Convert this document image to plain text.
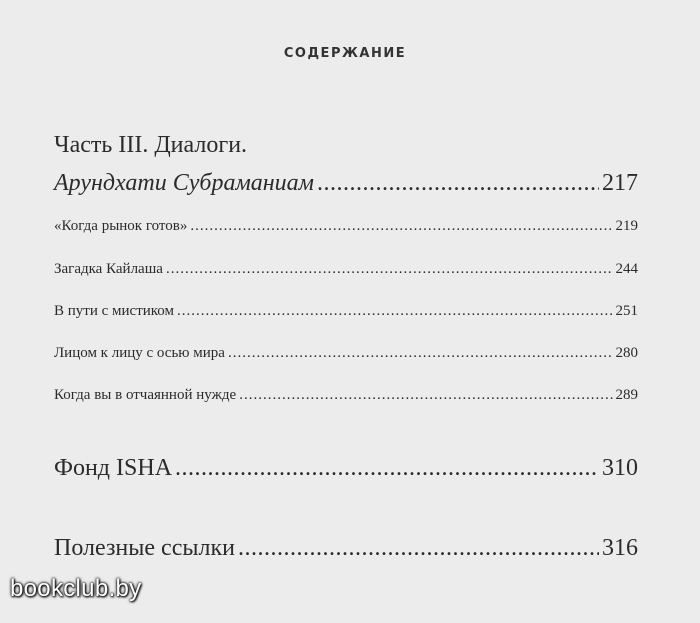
СОДЕРЖАНИЕ
Часть III. Диалоги.
Арундхати Субраманиам .....	217
«Когда рынок готов» .....	219
Загадка Кайлаша .....	244
В пути с мистиком .....	251
Лицом к лицу с осью мира .....	280
Когда вы в отчаянной нужде .....	289
Фонд ISHA .....	310
Полезные ссылки .....	316
bookclub.by
